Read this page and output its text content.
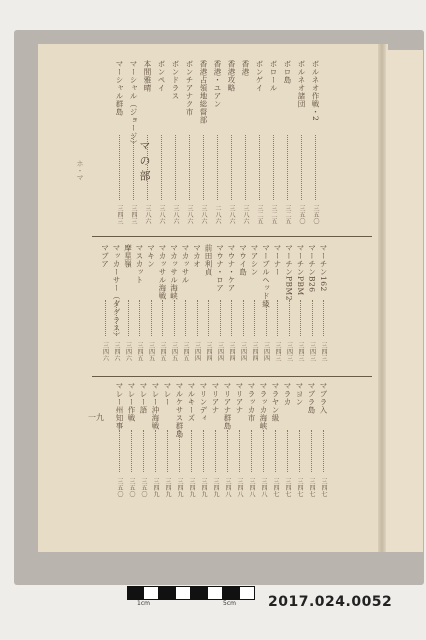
ホ・マ	マの部
一九
ボルネオ作戦・2
三五〇
ボルネオ諸団
三五〇
ボロ島
三二五
ボロール
三二五
ボンゲイ
三二五
香港
三八六
香港攻略
三八六
香港・ユアン
二八六
香港占領地総督部
三八六
ボンチアナク市
三八六
ボンドラス
三八六
ボンペイ
三八六
本間雅晴
三八六
マーシャル（ジョージ）
三四三
マーシャル群島
三四三
マーチン162
三四三
マーチンB26
三四三
マーチンPBM
三四三
マーチンPBM2
三四三
マーナー
三四三
マーブルヘッド級
三四四
マアシン
三四四
マウイ島
三四四
マウナ・ケア
三四四
マウナ・ロア
三四四
前田利貞
三四四
マカオ
三四四
マカッサル
三四五
マカッサル海峡
三四五
マカッサル海戦
三四五
マキン
三四五
マスカット
三四五
摩星嶺
三四六
マッカーサー（ダグラス）
三四六
マブア
三四六
マブラ入
三四七
マブラ島
三四七
マヨン
三四七
マラカ
三四七
マラヤン級
三四七
マラッカ海峡
三四八
マラッカ市
三四八
マリアナ
三四八
マリアナ群島
三四八
マリアナ
三四九
マリンディ
三四九
マルキーズ
三四九
マルケサス群島
三四九
マレー
三四九
マレー沖海戦
三四九
マレー語
三五〇
マレー作戦
三五〇
マレー州知事
三五〇
1cm	5cm 2017.024.0052
